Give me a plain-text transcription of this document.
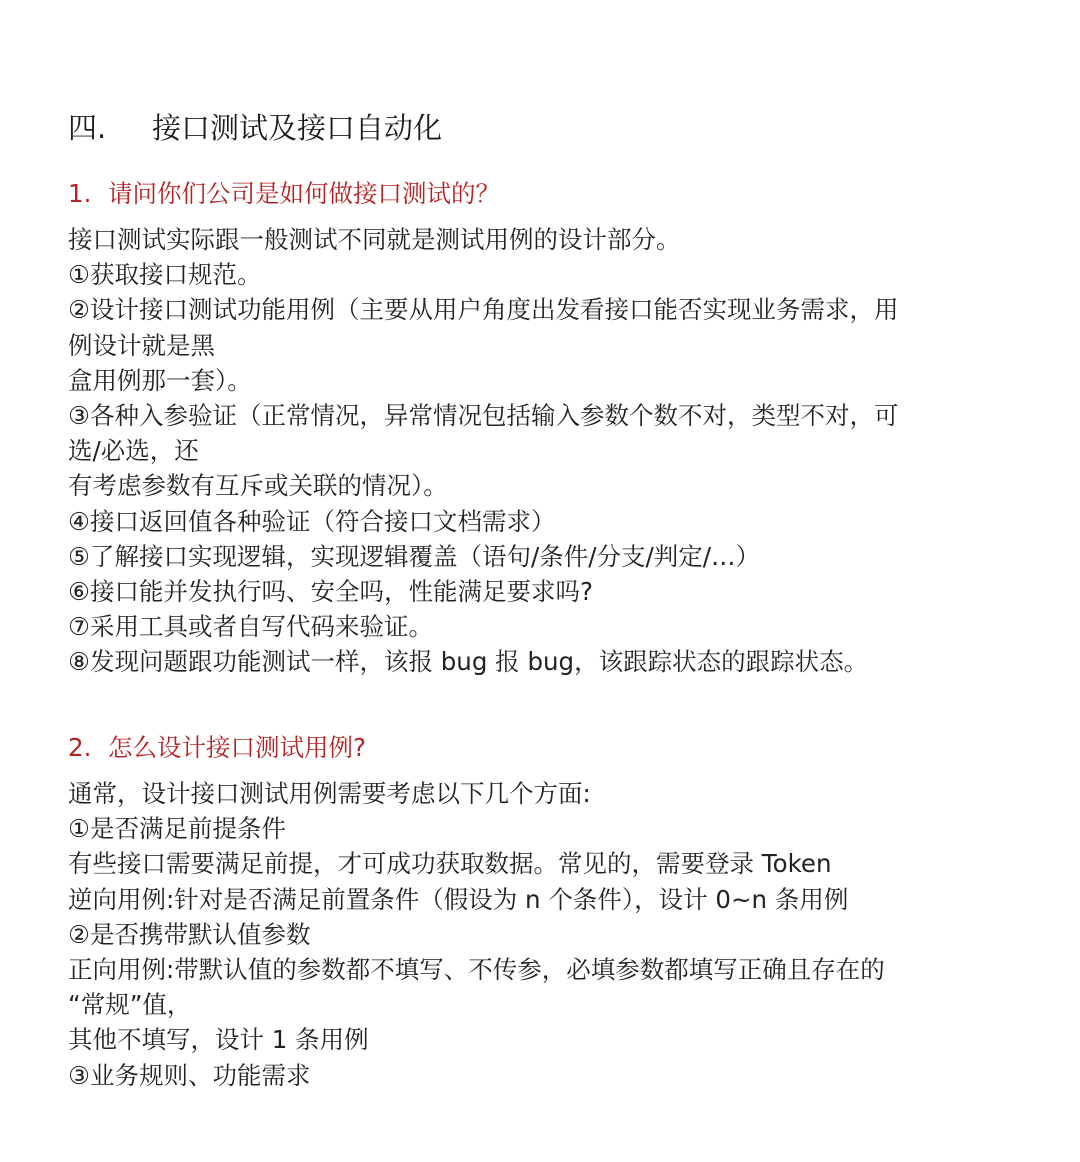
四. 接口测试及接口自动化
1. 请问你们公司是如何做接口测试的？
接口测试实际跟一般测试不同就是测试用例的设计部分。
①获取接口规范。
②设计接口测试功能用例（主要从用户角度出发看接口能否实现业务需求，用
例设计就是黑
盒用例那一套）。
③各种入参验证（正常情况，异常情况包括输入参数个数不对，类型不对，可
选/必选，还
有考虑参数有互斥或关联的情况）。
④接口返回值各种验证（符合接口文档需求）
⑤了解接口实现逻辑，实现逻辑覆盖（语句/条件/分支/判定/…）
⑥接口能并发执行吗、安全吗，性能满足要求吗?
⑦采用工具或者自写代码来验证。
⑧发现问题跟功能测试一样，该报 bug 报 bug，该跟踪状态的跟踪状态。
2. 怎么设计接口测试用例?
通常，设计接口测试用例需要考虑以下几个方面:
①是否满足前提条件
有些接口需要满足前提，才可成功获取数据。常见的，需要登录 Token
逆向用例:针对是否满足前置条件（假设为 n 个条件），设计 0~n 条用例
②是否携带默认值参数
正向用例:带默认值的参数都不填写、不传参，必填参数都填写正确且存在的
“常规”值，
其他不填写，设计 1 条用例
③业务规则、功能需求
